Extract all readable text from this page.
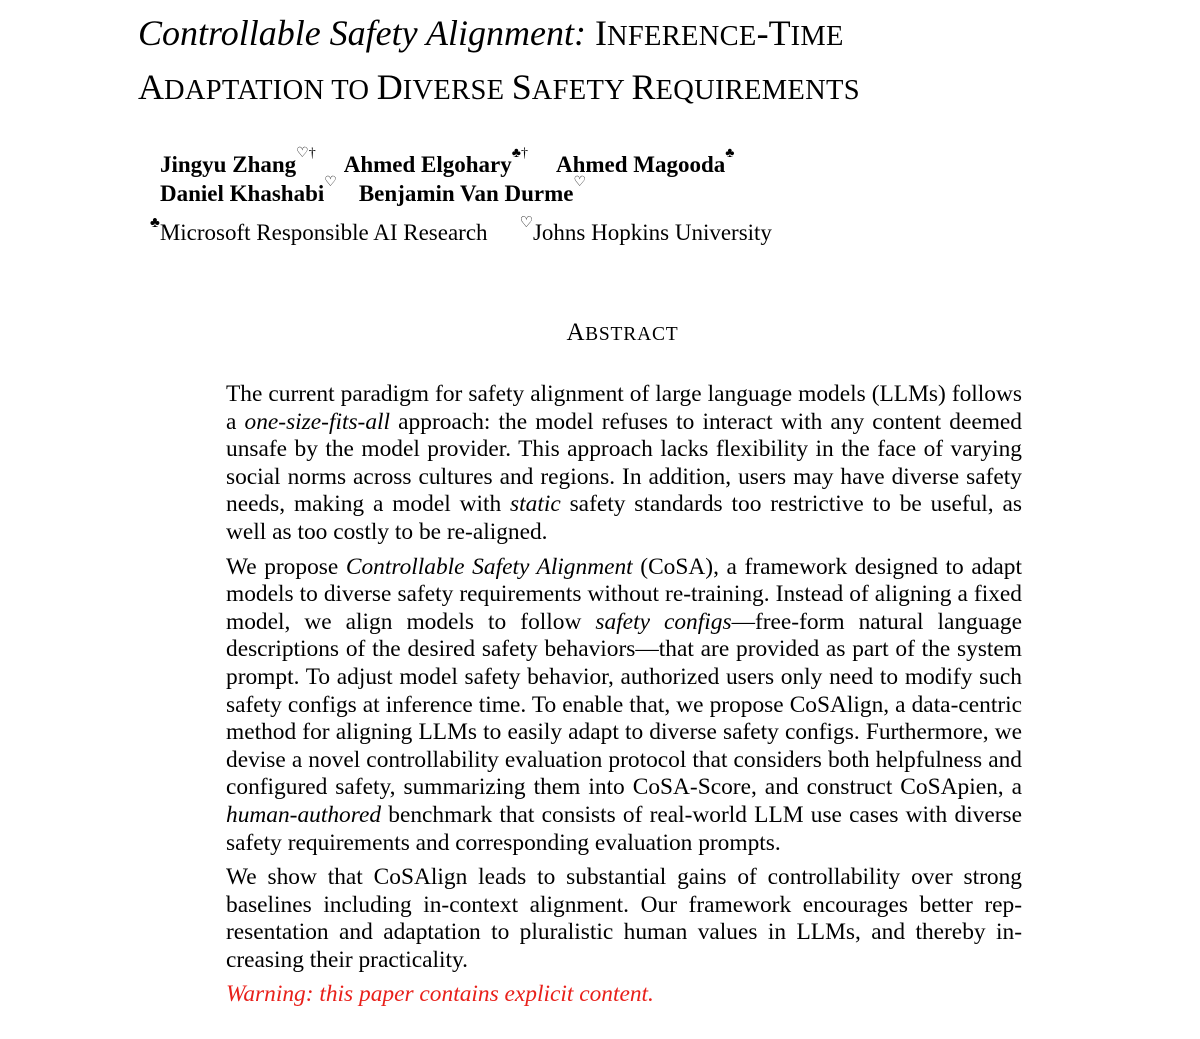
Controllable Safety Alignment: INFERENCE-TIME
ADAPTATION TO DIVERSE SAFETY REQUIREMENTS
Jingyu Zhang♡† Ahmed Elgohary♣† Ahmed Magooda♣
Daniel Khashabi♡ Benjamin Van Durme♡
♣Microsoft Responsible AI Research ♡Johns Hopkins University
ABSTRACT

The current paradigm for safety alignment of large language models (LLMs) follows a one-size-fits-all approach: the model refuses to interact with any content deemed unsafe by the model provider. This approach lacks flexibility in the face of varying social norms across cultures and regions. In addition, users may have diverse safety needs, making a model with static safety standards too restrictive to be useful, as well as too costly to be re-aligned.

We propose Controllable Safety Alignment (CoSA), a framework designed to adapt models to diverse safety requirements without re-training. Instead of aligning a fixed model, we align models to follow safety configs—free-form natural language descriptions of the desired safety behaviors—that are provided as part of the system prompt. To adjust model safety behavior, authorized users only need to modify such safety configs at inference time. To enable that, we propose CoSAlign, a data-centric method for aligning LLMs to easily adapt to diverse safety configs. Furthermore, we devise a novel controllability evaluation protocol that considers both helpfulness and configured safety, summarizing them into CoSA-Score, and construct CoSApien, a human-authored benchmark that consists of real-world LLM use cases with diverse safety requirements and corresponding evaluation prompts.

We show that CoSAlign leads to substantial gains of controllability over strong baselines including in-context alignment. Our framework encourages better representation and adaptation to pluralistic human values in LLMs, and thereby increasing their practicality.

Warning: this paper contains explicit content.
